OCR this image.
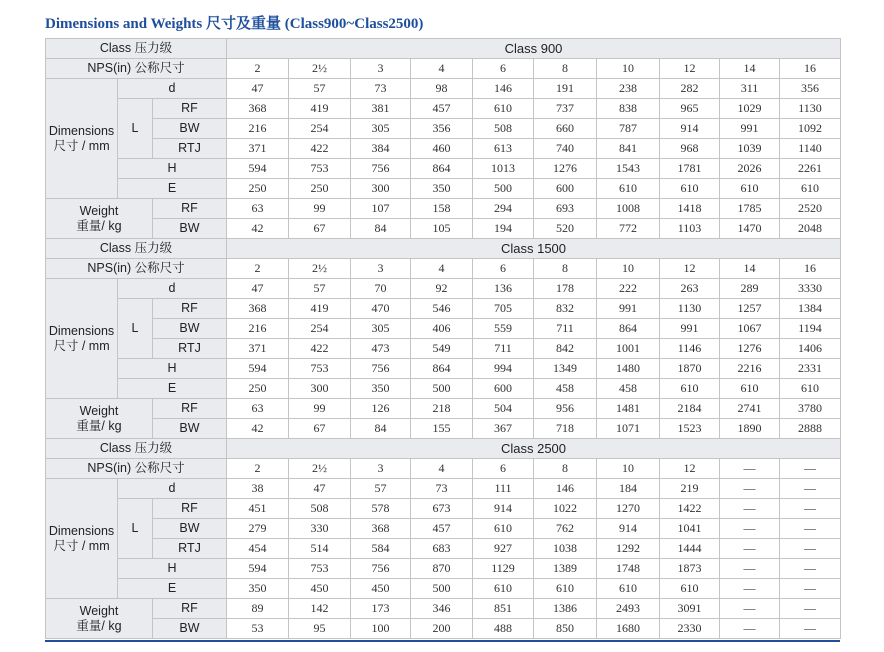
Dimensions and Weights 尺寸及重量 (Class900~Class2500)
Class 压力级			Class 900									
NPS(in) 公称尺寸			2	2½	3	4	6	8	10	12	14	16
Dimensions
尺寸 / mm	d		47	57	73	98	146	191	238	282	311	356
	L	RF	368	419	381	457	610	737	838	965	1029	1130
		BW	216	254	305	356	508	660	787	914	991	1092
		RTJ	371	422	384	460	613	740	841	968	1039	1140
	H		594	753	756	864	1013	1276	1543	1781	2026	2261
	E		250	250	300	350	500	600	610	610	610	610
Weight
重量/ kg		RF	63	99	107	158	294	693	1008	1418	1785	2520
		BW	42	67	84	105	194	520	772	1103	1470	2048
Class 压力级			Class 1500									
NPS(in) 公称尺寸			2	2½	3	4	6	8	10	12	14	16
Dimensions
尺寸 / mm	d		47	57	70	92	136	178	222	263	289	3330
	L	RF	368	419	470	546	705	832	991	1130	1257	1384
		BW	216	254	305	406	559	711	864	991	1067	1194
		RTJ	371	422	473	549	711	842	1001	1146	1276	1406
	H		594	753	756	864	994	1349	1480	1870	2216	2331
	E		250	300	350	500	600	458	458	610	610	610
Weight
重量/ kg		RF	63	99	126	218	504	956	1481	2184	2741	3780
		BW	42	67	84	155	367	718	1071	1523	1890	2888
Class 压力级			Class 2500									
NPS(in) 公称尺寸			2	2½	3	4	6	8	10	12	—	—
Dimensions
尺寸 / mm	d		38	47	57	73	111	146	184	219	—	—
	L	RF	451	508	578	673	914	1022	1270	1422	—	—
		BW	279	330	368	457	610	762	914	1041	—	—
		RTJ	454	514	584	683	927	1038	1292	1444	—	—
	H		594	753	756	870	1129	1389	1748	1873	—	—
	E		350	450	450	500	610	610	610	610	—	—
Weight
重量/ kg		RF	89	142	173	346	851	1386	2493	3091	—	—
		BW	53	95	100	200	488	850	1680	2330	—	—
